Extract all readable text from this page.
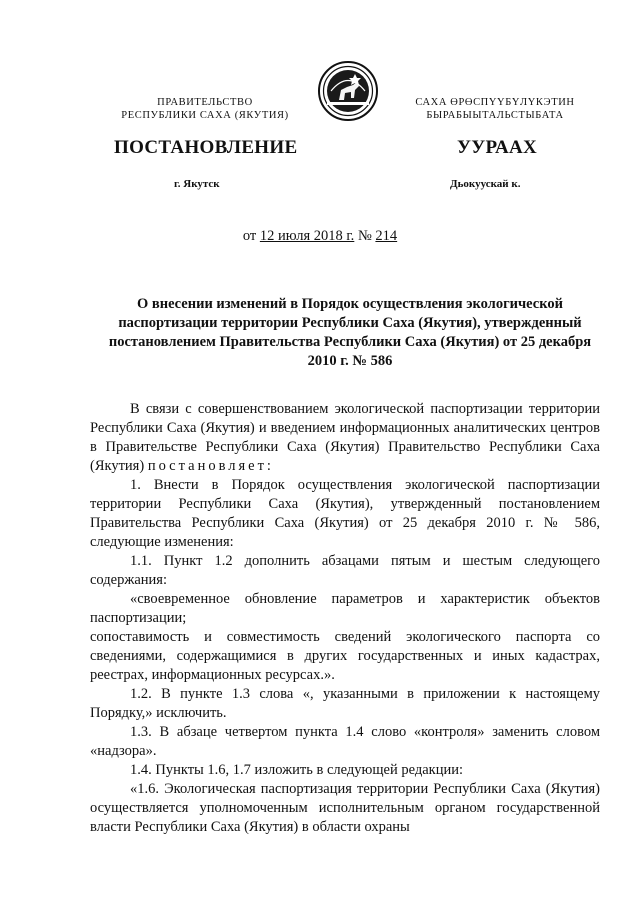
ПРАВИТЕЛЬСТВО
РЕСПУБЛИКИ САХА (ЯКУТИЯ)
САХА ӨРӨСПҮҮБҮЛҮКЭТИН
БЫРАБЫЫТАЛЬСТЫБАТА
ПОСТАНОВЛЕНИЕ	УУРААХ
г. Якутск	Дьокуускай к.
от 12 июля 2018 г. № 214
О внесении изменений в Порядок осуществления экологической паспортизации территории Республики Саха (Якутия), утвержденный постановлением Правительства Республики Саха (Якутия) от 25 декабря 2010 г. № 586

В связи с совершенствованием экологической паспортизации территории Республики Саха (Якутия) и введением информационных аналитических центров в Правительстве Республики Саха (Якутия) Правительство Республики Саха (Якутия) постановляет:

1. Внести в Порядок осуществления экологической паспортизации территории Республики Саха (Якутия), утвержденный постановлением Правительства Республики Саха (Якутия) от 25 декабря 2010 г. № 586, следующие изменения:

1.1. Пункт 1.2 дополнить абзацами пятым и шестым следующего содержания:

«своевременное обновление параметров и характеристик объектов паспортизации;

сопоставимость и совместимость сведений экологического паспорта со сведениями, содержащимися в других государственных и иных кадастрах, реестрах, информационных ресурсах.».

1.2. В пункте 1.3 слова «, указанными в приложении к настоящему Порядку,» исключить.

1.3. В абзаце четвертом пункта 1.4 слово «контроля» заменить словом «надзора».

1.4. Пункты 1.6, 1.7 изложить в следующей редакции:

«1.6. Экологическая паспортизация территории Республики Саха (Якутия) осуществляется уполномоченным исполнительным органом государственной власти Республики Саха (Якутия) в области охраны
